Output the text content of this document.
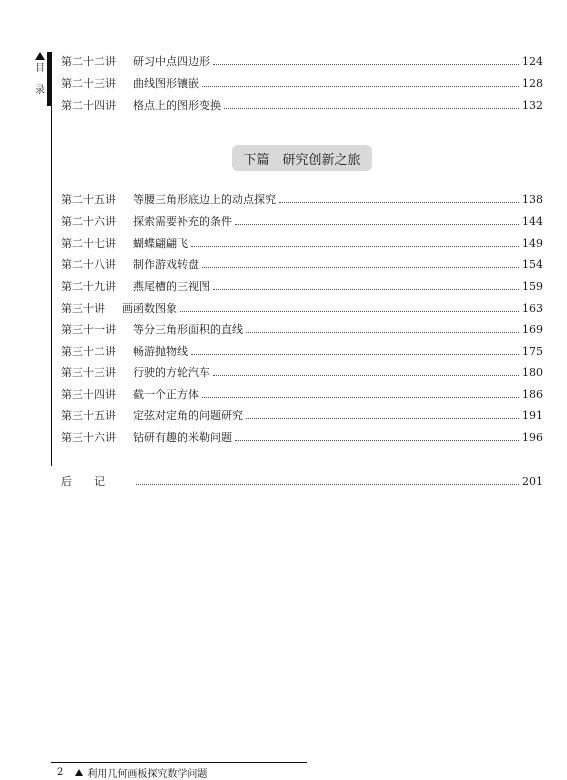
目
录
第二十二讲	研习中点四边形	124
第二十三讲	曲线图形镶嵌	128
第二十四讲	格点上的图形变换	132
下篇　研究创新之旅
第二十五讲	等腰三角形底边上的动点探究	138
第二十六讲	探索需要补充的条件	144
第二十七讲	蝴蝶翩翩飞	149
第二十八讲	制作游戏转盘	154
第二十九讲	燕尾槽的三视图	159
第三十讲	画函数图象	163
第三十一讲	等分三角形面积的直线	169
第三十二讲	畅游抛物线	175
第三十三讲	行驶的方轮汽车	180
第三十四讲	截一个正方体	186
第三十五讲	定弦对定角的问题研究	191
第三十六讲	钻研有趣的米勒问题	196
后记	201
2 利用几何画板探究数学问题
